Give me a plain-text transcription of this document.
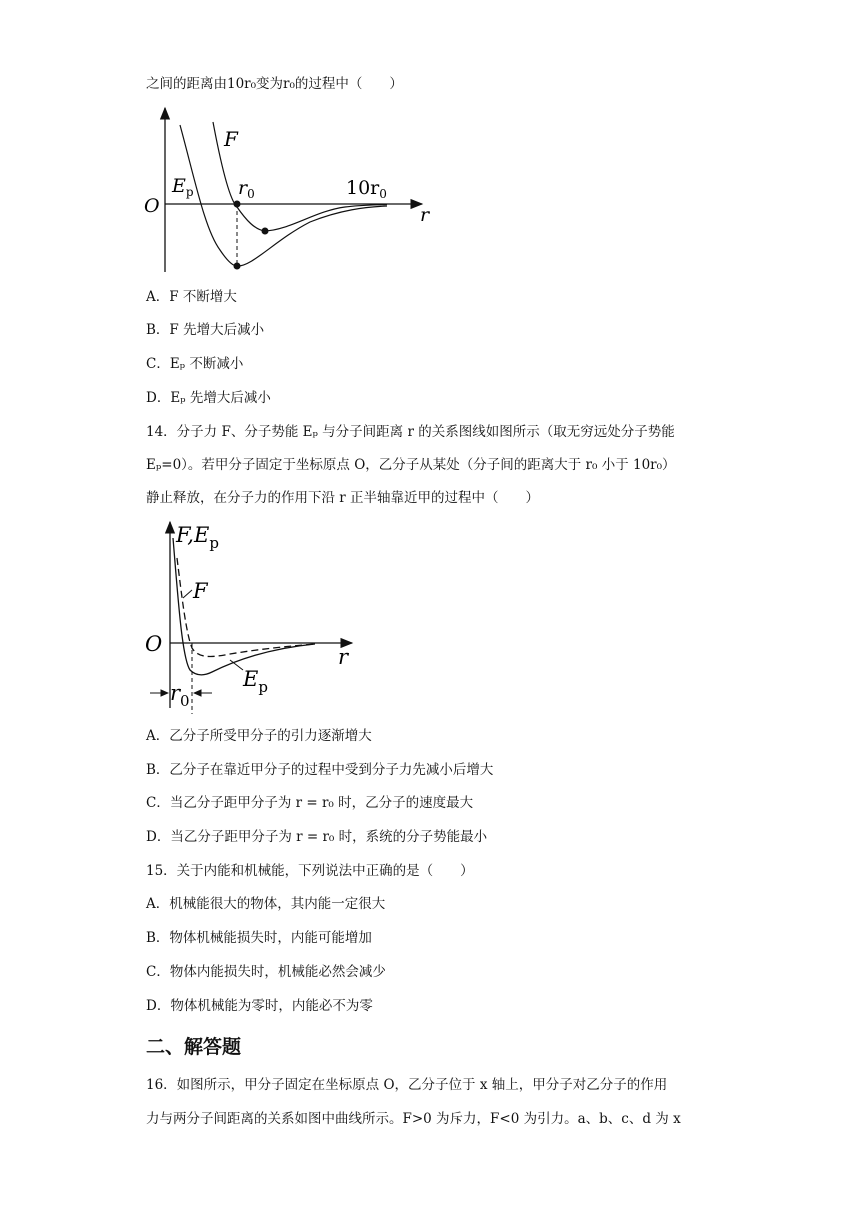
之间的距离由10r₀变为r₀的过程中（　　）
F
$E_p$
O
$r_0$	$10r_0$
r
A．F 不断增大
B．F 先增大后减小
C．Eₚ 不断减小
D．Eₚ 先增大后减小
14．分子力 F、分子势能 Eₚ 与分子间距离 r 的关系图线如图所示（取无穷远处分子势能
Eₚ=0）。若甲分子固定于坐标原点 O，乙分子从某处（分子间的距离大于 r₀ 小于 10r₀）
静止释放，在分子力的作用下沿 r 正半轴靠近甲的过程中（　　）
$F,E_p$
F
O
r
$E_p$
$r_0$
A．乙分子所受甲分子的引力逐渐增大
B．乙分子在靠近甲分子的过程中受到分子力先减小后增大
C．当乙分子距甲分子为 r = r₀ 时，乙分子的速度最大
D．当乙分子距甲分子为 r = r₀ 时，系统的分子势能最小
15．关于内能和机械能，下列说法中正确的是（　　）
A．机械能很大的物体，其内能一定很大
B．物体机械能损失时，内能可能增加
C．物体内能损失时，机械能必然会减少
D．物体机械能为零时，内能必不为零
二、解答题
16．如图所示，甲分子固定在坐标原点 O，乙分子位于 x 轴上，甲分子对乙分子的作用
力与两分子间距离的关系如图中曲线所示。F>0 为斥力，F<0 为引力。a、b、c、d 为 x
